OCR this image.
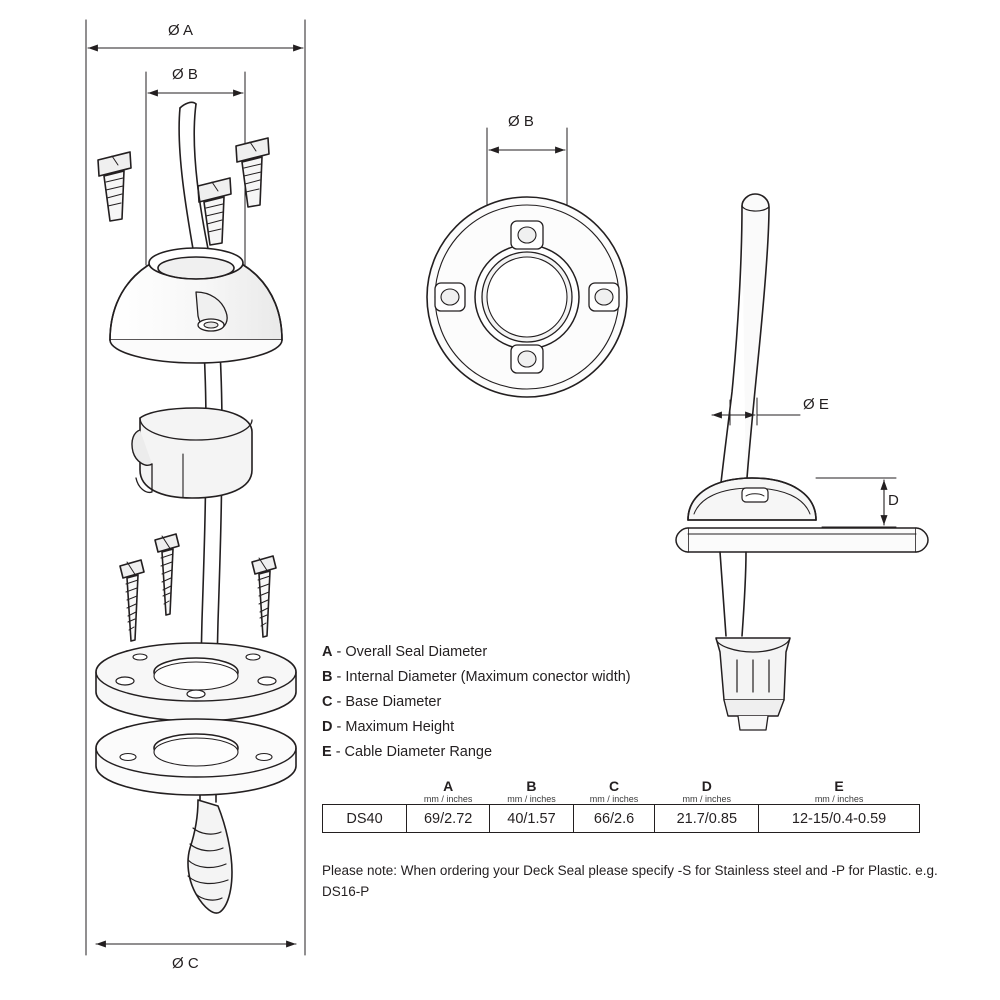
Ø A
Ø B
Ø C
Ø B
Ø E
D
A - Overall Seal Diameter
B - Internal Diameter (Maximum conector width)
C - Base Diameter
D - Maximum Height
E - Cable Diameter Range
	A	B	C	D	E
	mm / inches	mm / inches	mm / inches	mm / inches	mm / inches
DS40	69/2.72	40/1.57	66/2.6	21.7/0.85	12-15/0.4-0.59
Please note: When ordering your Deck Seal please specify -S for Stainless steel and -P for Plastic. e.g. DS16-P
